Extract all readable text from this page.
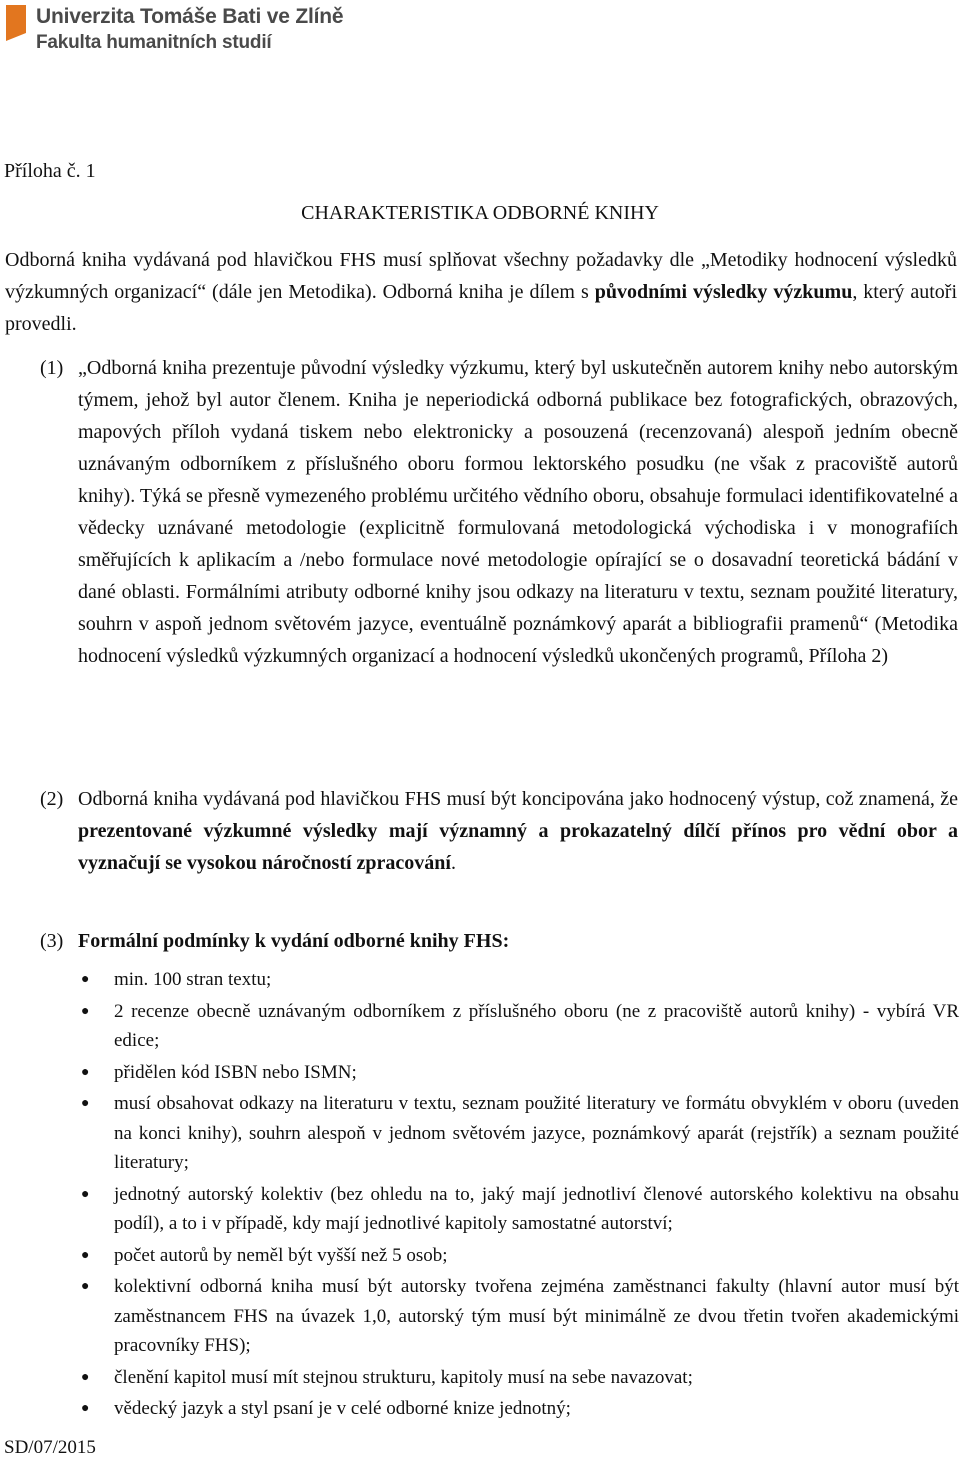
Univerzita Tomáše Bati ve Zlíně
Fakulta humanitních studií
Příloha č. 1
CHARAKTERISTIKA ODBORNÉ KNIHY
Odborná kniha vydávaná pod hlavičkou FHS musí splňovat všechny požadavky dle „Metodiky hodnocení výsledků výzkumných organizací“ (dále jen Metodika). Odborná kniha je dílem s původními výsledky výzkumu, který autoři provedli.
(1) „Odborná kniha prezentuje původní výsledky výzkumu, který byl uskutečněn autorem knihy nebo autorským týmem, jehož byl autor členem. Kniha je neperiodická odborná publikace bez fotografických, obrazových, mapových příloh vydaná tiskem nebo elektronicky a posouzená (recenzovaná) alespoň jedním obecně uznávaným odborníkem z příslušného oboru formou lektorského posudku (ne však z pracoviště autorů knihy). Týká se přesně vymezeného problému určitého vědního oboru, obsahuje formulaci identifikovatelné a vědecky uznávané metodologie (explicitně formulovaná metodologická východiska i v monografiích směřujících k aplikacím a /nebo formulace nové metodologie opírající se o dosavadní teoretická bádání v dané oblasti. Formálními atributy odborné knihy jsou odkazy na literaturu v textu, seznam použité literatury, souhrn v aspoň jednom světovém jazyce, eventuálně poznámkový aparát a bibliografii pramenů“ (Metodika hodnocení výsledků výzkumných organizací a hodnocení výsledků ukončených programů, Příloha 2)
(2) Odborná kniha vydávaná pod hlavičkou FHS musí být koncipována jako hodnocený výstup, což znamená, že prezentované výzkumné výsledky mají významný a prokazatelný dílčí přínos pro vědní obor a vyznačují se vysokou náročností zpracování.
(3) Formální podmínky k vydání odborné knihy FHS:
● min. 100 stran textu;
● 2 recenze obecně uznávaným odborníkem z příslušného oboru (ne z pracoviště autorů knihy) - vybírá VR edice;
● přidělen kód ISBN nebo ISMN;
● musí obsahovat odkazy na literaturu v textu, seznam použité literatury ve formátu obvyklém v oboru (uveden na konci knihy), souhrn alespoň v jednom světovém jazyce, poznámkový aparát (rejstřík) a seznam použité literatury;
● jednotný autorský kolektiv (bez ohledu na to, jaký mají jednotliví členové autorského kolektivu na obsahu podíl), a to i v případě, kdy mají jednotlivé kapitoly samostatné autorství;
● počet autorů by neměl být vyšší než 5 osob;
● kolektivní odborná kniha musí být autorsky tvořena zejména zaměstnanci fakulty (hlavní autor musí být zaměstnancem FHS na úvazek 1,0, autorský tým musí být minimálně ze dvou třetin tvořen akademickými pracovníky FHS);
● členění kapitol musí mít stejnou strukturu, kapitoly musí na sebe navazovat;
● vědecký jazyk a styl psaní je v celé odborné knize jednotný;
SD/07/2015
